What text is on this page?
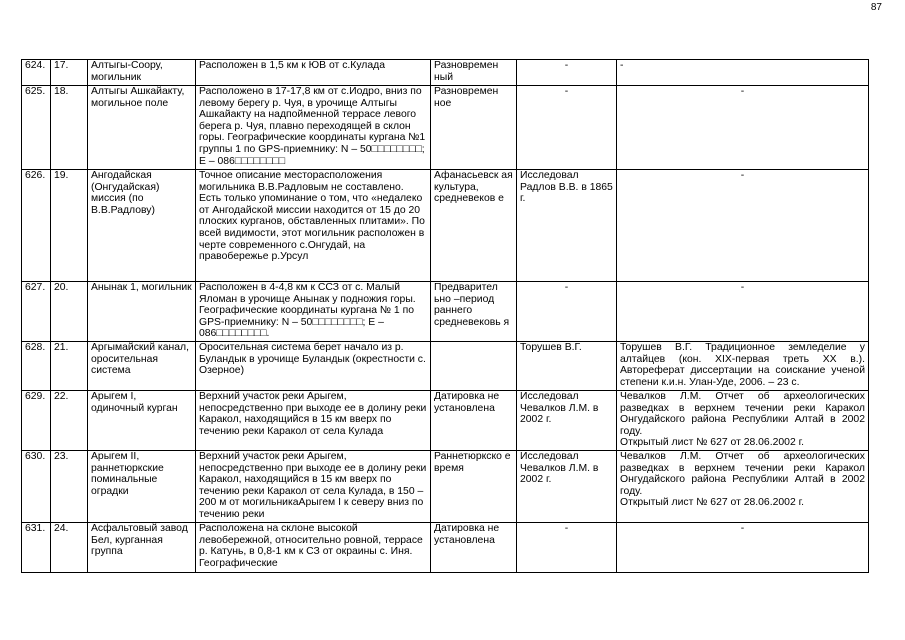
87
624.	17.	Алтыгы-Соору, могильник	Расположен в 1,5 км к ЮВ от с.Кулада	Разновремен ный	-	-
625.	18.	Алтыгы Ашкайакту, могильное поле	Расположено в 17-17,8 км от с.Иодро, вниз по левому берегу р. Чуя, в урочище Алтыгы Ашкайакту на надпойменной террасе левого берега р. Чуя, плавно переходящей в склон горы. Географические координаты кургана №1 группы 1 по GPS-приемнику: N – 50□□□□□□□□; E – 086□□□□□□□□	Разновремен ное	-	-
626.	19.	Ангодайская (Онгудайская) миссия (по В.В.Радлову)	Точное описание месторасположения могильника В.В.Радловым не составлено. Есть только упоминание о том, что «недалеко от Ангодайской миссии находится от 15 до 20 плоских курганов, обставленных плитами». По всей видимости, этот могильник расположен в черте современного с.Онгудай, на правобережье р.Урсул	Афанасьевск ая культура, средневеков е	Исследовал Радлов В.В. в 1865 г.	-
627.	20.	Анынак 1, могильник	Расположен в 4-4,8 км к ССЗ от с. Малый Яломан в урочище Анынак у подножия горы. Географические координаты кургана № 1 по GPS-приемнику: N – 50□□□□□□□□; E – 086□□□□□□□□.	Предварител ьно –период раннего средневековь я	-	-
628.	21.	Аргымайский канал, оросительная система	Оросительная система берет начало из р. Буландык в урочище Буландык (окрестности с. Озерное)		Торушев В.Г.	Торушев В.Г. Традиционное земледелие у алтайцев (кон. XIX-первая треть XX в.). Автореферат диссертации на соискание ученой степени к.и.н. Улан-Уде, 2006. – 23 с.
629.	22.	Арыгем I, одиночный курган	Верхний участок реки Арыгем, непосредственно при выходе ее в долину реки Каракол, находящийся в 15 км вверх по течению реки Каракол от села Кулада	Датировка не установлена	Исследовал Чевалков Л.М. в 2002 г.	Чевалков Л.М. Отчет об археологических разведках в верхнем течении реки Каракол Онгудайского района Республики Алтай в 2002 году.
Открытый лист № 627 от 28.06.2002 г.

630.	23.	Арыгем II, раннетюркские поминальные оградки	Верхний участок реки Арыгем, непосредственно при выходе ее в долину реки Каракол, находящийся в 15 км вверх по течению реки Каракол от села Кулада, в 150 – 200 м от могильникаАрыгем I к северу вниз по течению реки	Раннетюркско е время	Исследовал Чевалков Л.М. в 2002 г.	Чевалков Л.М. Отчет об археологических разведках в верхнем течении реки Каракол Онгудайского района Республики Алтай в 2002 году.
Открытый лист № 627 от 28.06.2002 г.

631.	24.	Асфальтовый завод Бел, курганная группа	Расположена на склоне высокой левобережной, относительно ровной, террасе р. Катунь, в 0,8-1 км к СЗ от окраины с. Иня. Географические	Датировка не установлена	-	-
